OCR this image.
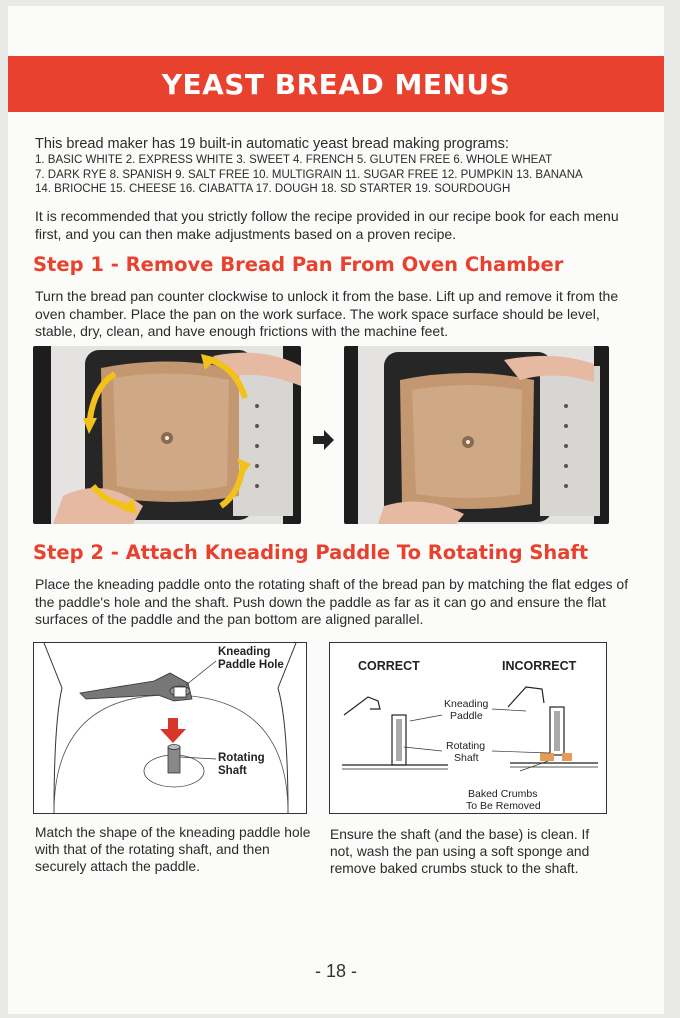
YEAST BREAD MENUS
This bread maker has 19 built-in automatic yeast bread making programs:
1. BASIC WHITE 2. EXPRESS WHITE 3. SWEET 4. FRENCH 5. GLUTEN FREE 6. WHOLE WHEAT
7. DARK RYE 8. SPANISH 9. SALT FREE 10. MULTIGRAIN 11. SUGAR FREE 12. PUMPKIN 13. BANANA
14. BRIOCHE 15. CHEESE 16. CIABATTA 17. DOUGH 18. SD STARTER 19. SOURDOUGH
It is recommended that you strictly follow the recipe provided in our recipe book for each menu first, and you can then make adjustments based on a proven recipe.
Step 1 - Remove Bread Pan From Oven Chamber
Turn the bread pan counter clockwise to unlock it from the base. Lift up and remove it from the oven chamber. Place the pan on the work surface. The work space surface should be level, stable, dry, clean, and have enough frictions with the machine feet.
Step 2 - Attach Kneading Paddle To Rotating Shaft
Place the kneading paddle onto the rotating shaft of the bread pan by matching the flat edges of the paddle's hole and the shaft. Push down the paddle as far as it can go and ensure the flat surfaces of the paddle and the pan bottom are aligned parallel.
Kneading
Paddle Hole
Rotating
Shaft
CORRECT	INCORRECT
Kneading
Paddle
Rotating
Shaft
Baked Crumbs
To Be Removed
Match the shape of the kneading paddle hole with that of the rotating shaft, and then securely attach the paddle.
Ensure the shaft (and the base) is clean. If not, wash the pan using a soft sponge and remove baked crumbs stuck to the shaft.
- 18 -
